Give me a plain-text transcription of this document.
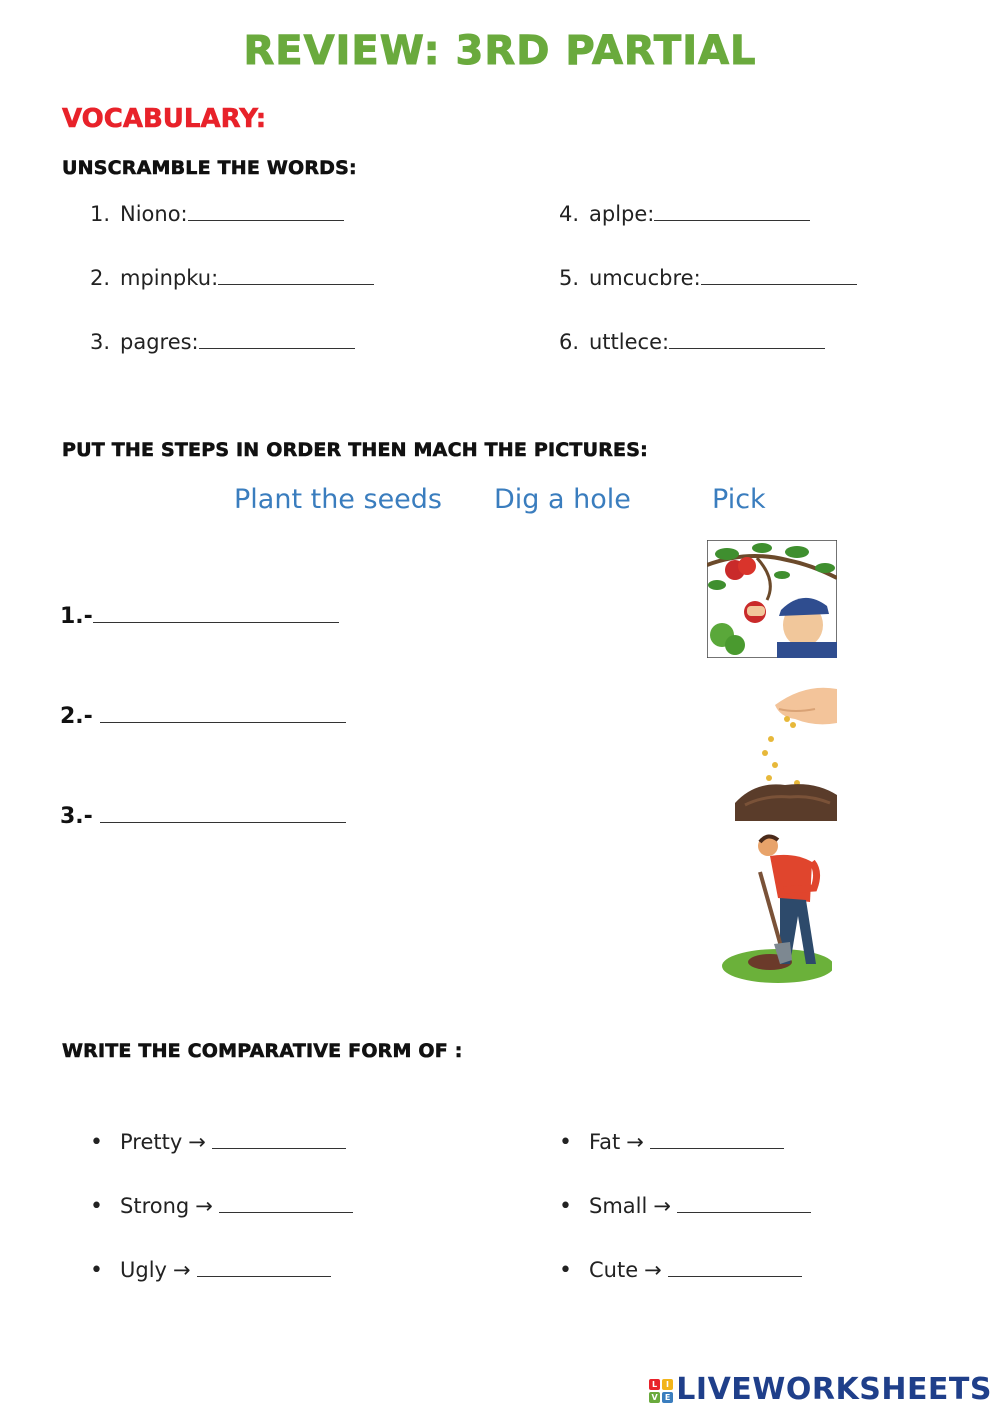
REVIEW: 3RD PARTIAL
VOCABULARY:
UNSCRAMBLE THE WORDS:
1. Niono:
2. mpinpku:
3. pagres:
4. aplpe:
5. umcucbre:
6. uttlece:
PUT THE STEPS IN ORDER THEN MACH THE PICTURES:
Plant the seeds Dig a hole	Pick
1.-
2.-
3.-
WRITE THE COMPARATIVE FORM OF :
• Pretty →
• Strong →
• Ugly →
• Fat →
• Small →
• Cute →
L	I
V E LIVEWORKSHEETS
